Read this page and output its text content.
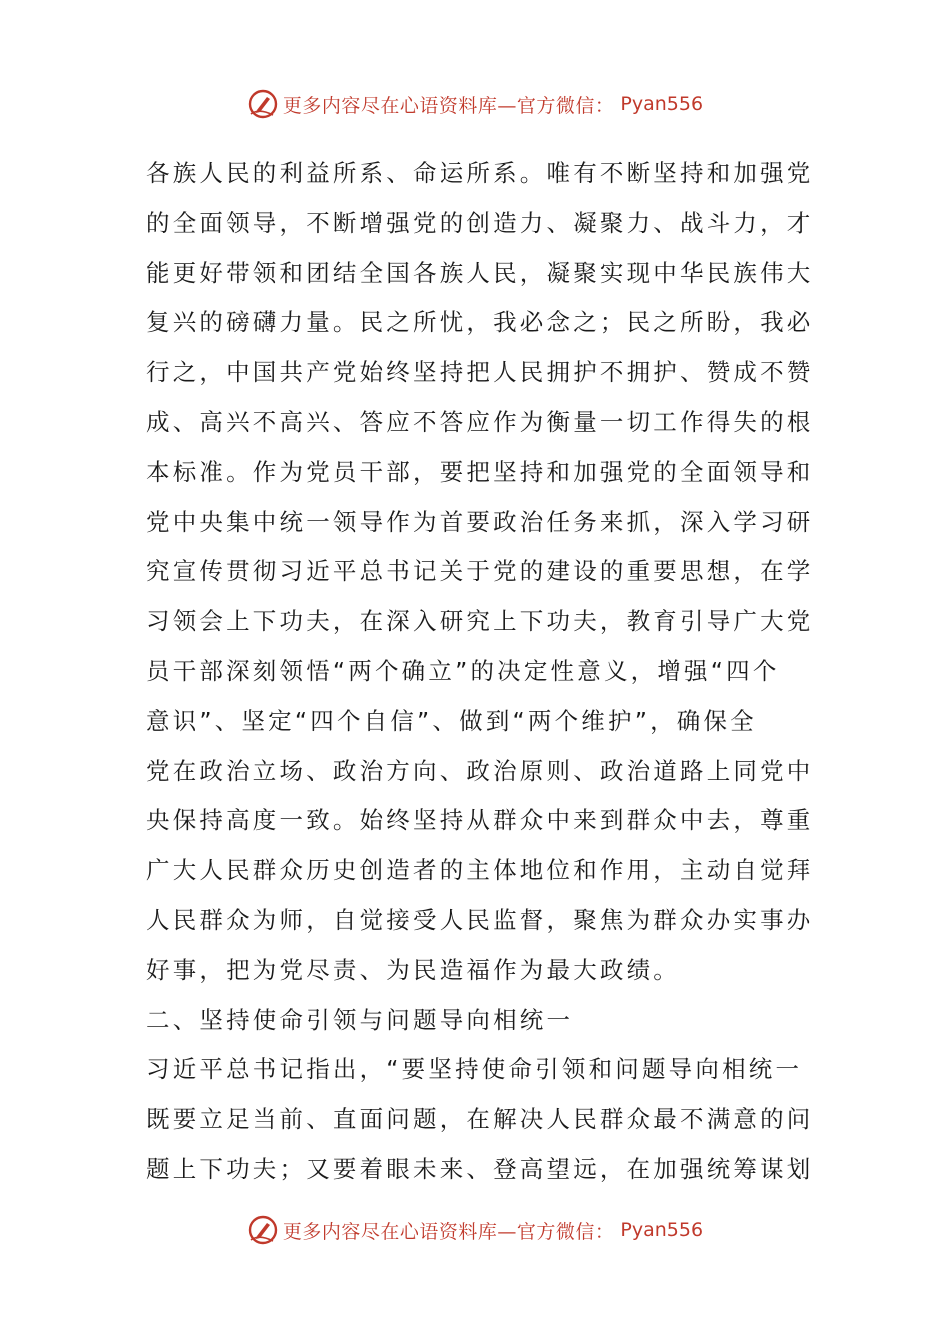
更多内容尽在心语资料库—官方微信： Pyan556
各族人民的利益所系、命运所系。唯有不断坚持和加强党
的全面领导，不断增强党的创造力、凝聚力、战斗力，才
能更好带领和团结全国各族人民，凝聚实现中华民族伟大
复兴的磅礴力量。民之所忧，我必念之；民之所盼，我必
行之，中国共产党始终坚持把人民拥护不拥护、赞成不赞
成、高兴不高兴、答应不答应作为衡量一切工作得失的根
本标准。作为党员干部，要把坚持和加强党的全面领导和
党中央集中统一领导作为首要政治任务来抓，深入学习研
究宣传贯彻习近平总书记关于党的建设的重要思想，在学
习领会上下功夫，在深入研究上下功夫，教育引导广大党
员干部深刻领悟“两个确立”的决定性意义，增强“四个
意识”、坚定“四个自信”、做到“两个维护”，确保全
党在政治立场、政治方向、政治原则、政治道路上同党中
央保持高度一致。始终坚持从群众中来到群众中去，尊重
广大人民群众历史创造者的主体地位和作用，主动自觉拜
人民群众为师，自觉接受人民监督，聚焦为群众办实事办
好事，把为党尽责、为民造福作为最大政绩。
二、坚持使命引领与问题导向相统一
习近平总书记指出，“要坚持使命引领和问题导向相统一
既要立足当前、直面问题，在解决人民群众最不满意的问
题上下功夫；又要着眼未来、登高望远，在加强统筹谋划
更多内容尽在心语资料库—官方微信： Pyan556
